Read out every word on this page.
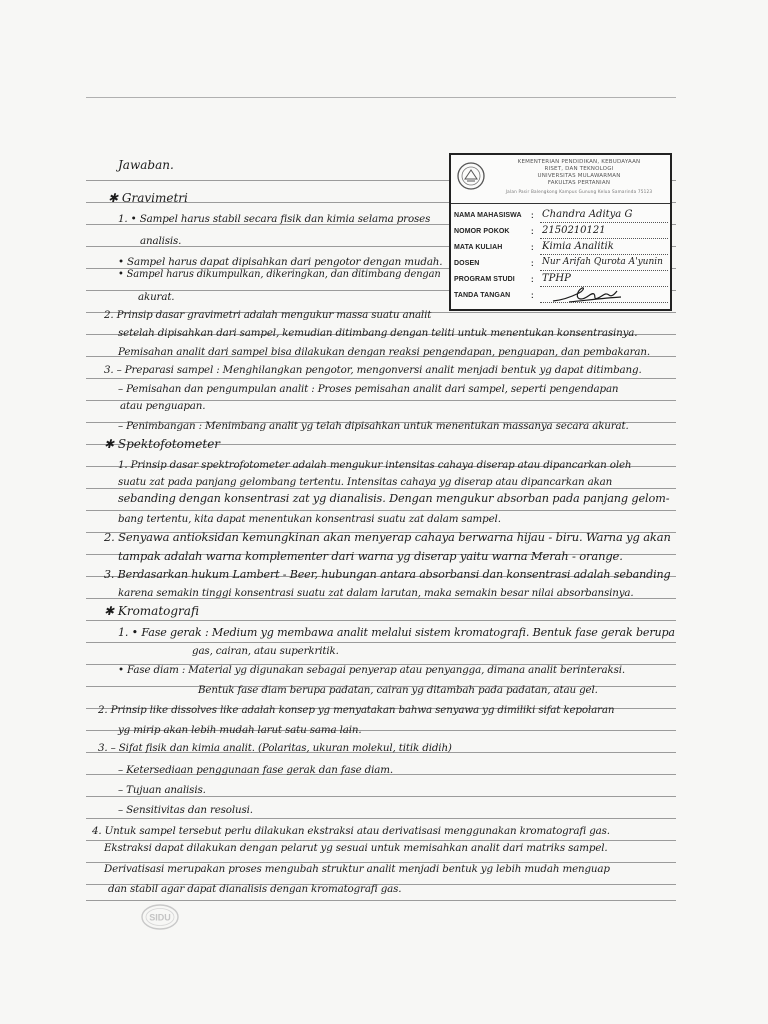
Jawaban.
✱ Gravimetri
1. • Sampel harus stabil secara fisik dan kimia selama proses
analisis.
• Sampel harus dapat dipisahkan dari pengotor dengan mudah.
• Sampel harus dikumpulkan, dikeringkan, dan ditimbang dengan
akurat.
2. Prinsip dasar gravimetri adalah mengukur massa suatu analit
setelah dipisahkan dari sampel, kemudian ditimbang dengan teliti untuk menentukan konsentrasinya.
Pemisahan analit dari sampel bisa dilakukan dengan reaksi pengendapan, penguapan, dan pembakaran.
3. – Preparasi sampel : Menghilangkan pengotor, mengonversi analit menjadi bentuk yg dapat ditimbang.
– Pemisahan dan pengumpulan analit : Proses pemisahan analit dari sampel, seperti pengendapan
atau penguapan.
– Penimbangan : Menimbang analit yg telah dipisahkan untuk menentukan massanya secara akurat.
✱ Spektofotometer
1. Prinsip dasar spektrofotometer adalah mengukur intensitas cahaya diserap atau dipancarkan oleh
suatu zat pada panjang gelombang tertentu. Intensitas cahaya yg diserap atau dipancarkan akan
sebanding dengan konsentrasi zat yg dianalisis. Dengan mengukur absorban pada panjang gelom-
bang tertentu, kita dapat menentukan konsentrasi suatu zat dalam sampel.
2. Senyawa antioksidan kemungkinan akan menyerap cahaya berwarna hijau - biru. Warna yg akan
tampak adalah warna komplementer dari warna yg diserap yaitu warna Merah - orange.
3. Berdasarkan hukum Lambert - Beer, hubungan antara absorbansi dan konsentrasi adalah sebanding
karena semakin tinggi konsentrasi suatu zat dalam larutan, maka semakin besar nilai absorbansinya.
✱ Kromatografi
1. • Fase gerak : Medium yg membawa analit melalui sistem kromatografi. Bentuk fase gerak berupa
gas, cairan, atau superkritik.
• Fase diam : Material yg digunakan sebagai penyerap atau penyangga, dimana analit berinteraksi.
Bentuk fase diam berupa padatan, cairan yg ditambah pada padatan, atau gel.
2. Prinsip like dissolves like adalah konsep yg menyatakan bahwa senyawa yg dimiliki sifat kepolaran
yg mirip akan lebih mudah larut satu sama lain.
3. – Sifat fisik dan kimia analit. (Polaritas, ukuran molekul, titik didih)
– Ketersediaan penggunaan fase gerak dan fase diam.
– Tujuan analisis.
– Sensitivitas dan resolusi.
4. Untuk sampel tersebut perlu dilakukan ekstraksi atau derivatisasi menggunakan kromatografi gas.
Ekstraksi dapat dilakukan dengan pelarut yg sesuai untuk memisahkan analit dari matriks sampel.
Derivatisasi merupakan proses mengubah struktur analit menjadi bentuk yg lebih mudah menguap
dan stabil agar dapat dianalisis dengan kromatografi gas.
KEMENTERIAN PENDIDIKAN, KEBUDAYAAN
RISET, DAN TEKNOLOGI
UNIVERSITAS MULAWARMAN
FAKULTAS PERTANIAN
Jalan Pasir Balengkong Kampus Gunung Kelua Samarinda 75123
NAMA MAHASISWA : Chandra Aditya G
NOMOR POKOK	: 2150210121
MATA KULIAH	: Kimia Analitik
DOSEN	: Nur Arifah Qurota A'yunin
PROGRAM STUDI : TPHP
TANDA TANGAN	:
SIDU
